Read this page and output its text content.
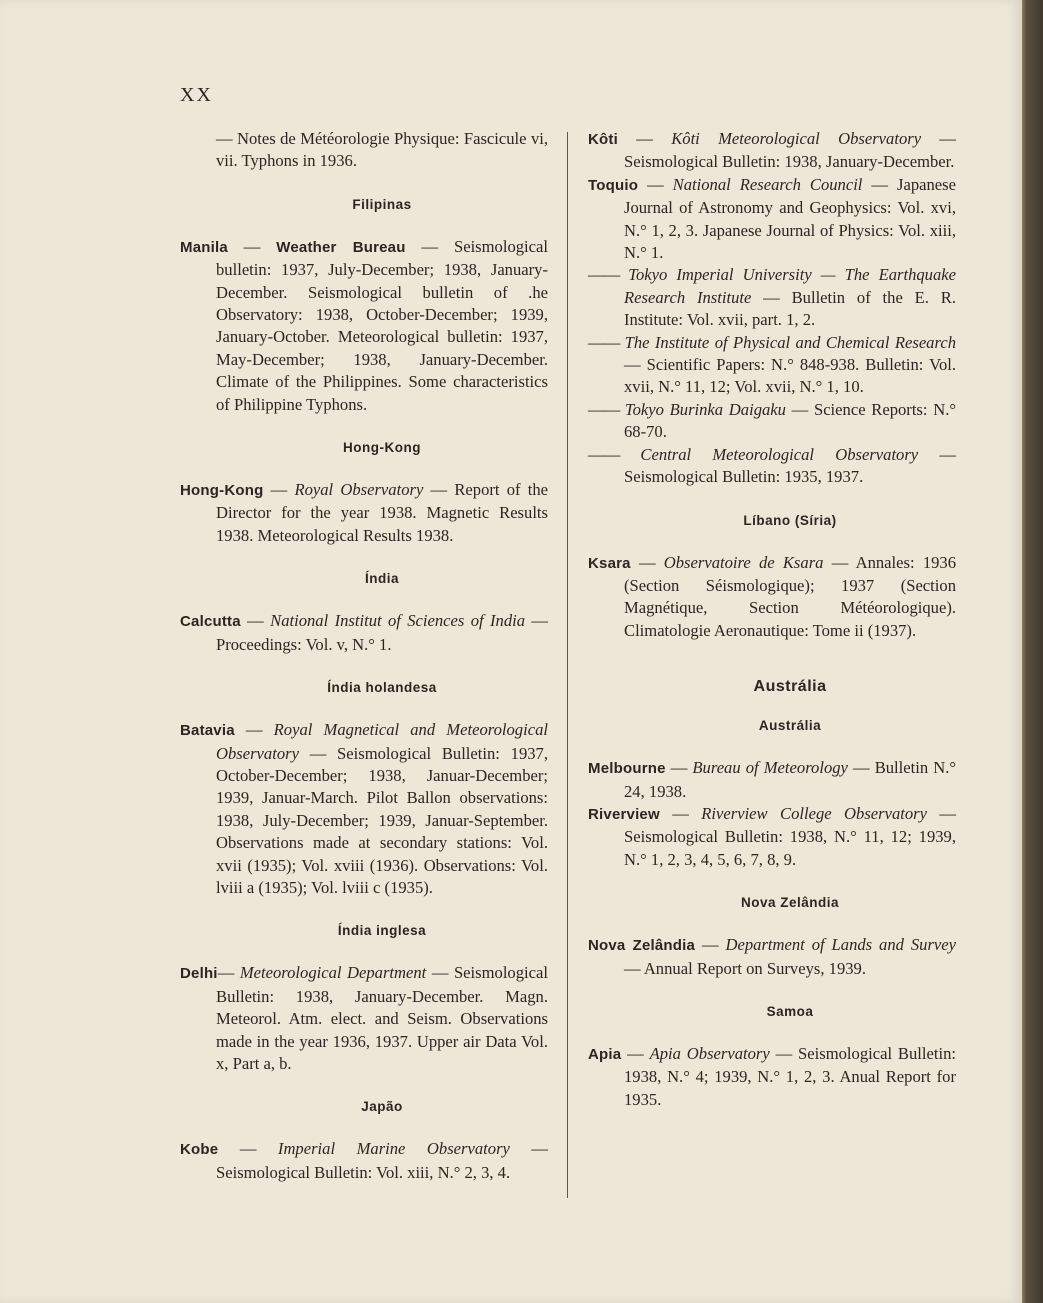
XX

— Notes de Météorologie Physique: Fascicule vi, vii. Typhons in 1936.

Filipinas

Manila — Weather Bureau — Seismological bulletin: 1937, July-December; 1938, January-December. Seismological bulletin of .he Observatory: 1938, October-December; 1939, January-October. Meteorological bulletin: 1937, May-December; 1938, January-December. Climate of the Philippines. Some characteristics of Philippine Typhons.

Hong-Kong

Hong-Kong — Royal Observatory — Report of the Director for the year 1938. Magnetic Results 1938. Meteorological Results 1938.

Índia

Calcutta — National Institut of Sciences of India — Proceedings: Vol. v, N.° 1.

Índia holandesa

Batavia — Royal Magnetical and Meteorological Observatory — Seismological Bulletin: 1937, October-December; 1938, Januar-December; 1939, Januar-March. Pilot Ballon observations: 1938, July-December; 1939, Januar-September. Observations made at secondary stations: Vol. xvii (1935); Vol. xviii (1936). Observations: Vol. lviii a (1935); Vol. lviii c (1935).

Índia inglesa

Delhi— Meteorological Department — Seismological Bulletin: 1938, January-December. Magn. Meteorol. Atm. elect. and Seism. Observations made in the year 1936, 1937. Upper air Data Vol. x, Part a, b.

Japão

Kobe — Imperial Marine Observatory — Seismological Bulletin: Vol. xiii, N.° 2, 3, 4.

Kôti — Kôti Meteorological Observatory — Seismological Bulletin: 1938, January-December.

Toquio — National Research Council — Japanese Journal of Astronomy and Geophysics: Vol. xvi, N.° 1, 2, 3. Japanese Journal of Physics: Vol. xiii, N.° 1.

—— Tokyo Imperial University — The Earthquake Research Institute — Bulletin of the E. R. Institute: Vol. xvii, part. 1, 2.

—— The Institute of Physical and Chemical Research — Scientific Papers: N.° 848-938. Bulletin: Vol. xvii, N.° 11, 12; Vol. xvii, N.° 1, 10.

—— Tokyo Burinka Daigaku — Science Reports: N.° 68-70.

—— Central Meteorological Observatory — Seismological Bulletin: 1935, 1937.

Líbano (Síria)

Ksara — Observatoire de Ksara — Annales: 1936 (Section Séismologique); 1937 (Section Magnétique, Section Météorologique). Climatologie Aeronautique: Tome ii (1937).

Austrália

Austrália

Melbourne — Bureau of Meteorology — Bulletin N.° 24, 1938.

Riverview — Riverview College Observatory — Seismological Bulletin: 1938, N.° 11, 12; 1939, N.° 1, 2, 3, 4, 5, 6, 7, 8, 9.

Nova Zelândia

Nova Zelândia — Department of Lands and Survey — Annual Report on Surveys, 1939.

Samoa

Apia — Apia Observatory — Seismological Bulletin: 1938, N.° 4; 1939, N.° 1, 2, 3. Anual Report for 1935.
